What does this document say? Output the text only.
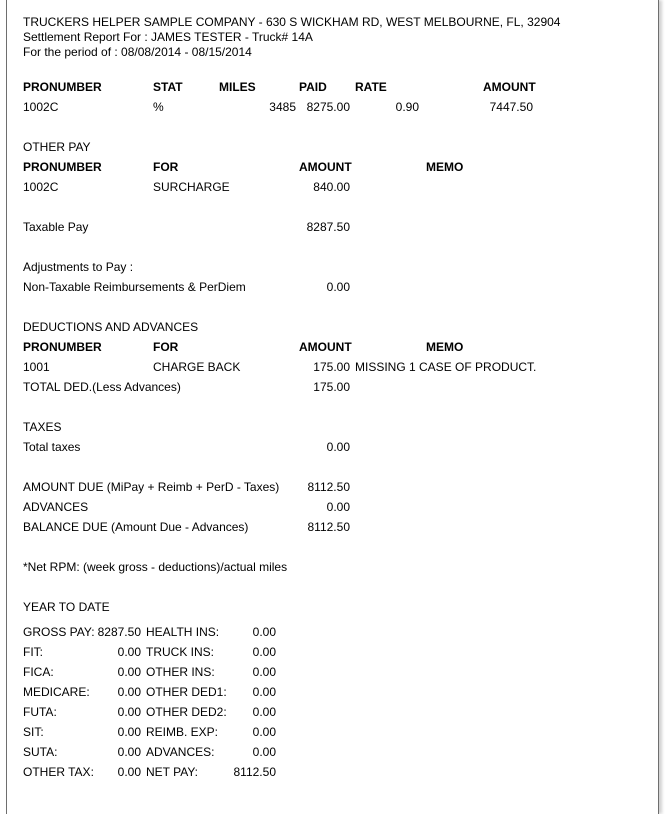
TRUCKERS HELPER SAMPLE COMPANY - 630 S WICKHAM RD, WEST MELBOURNE, FL, 32904
Settlement Report For : JAMES TESTER - Truck# 14A
For the period of : 08/08/2014 - 08/15/2014
PRONUMBER	STAT	MILES	PAID RATE	AMOUNT
1002C	%	3485 8275.00	0.90	7447.50
OTHER PAY
PRONUMBER	FOR	AMOUNT	MEMO
1002C	SURCHARGE	840.00
Taxable Pay	8287.50
Adjustments to Pay :
Non-Taxable Reimbursements & PerDiem	0.00
DEDUCTIONS AND ADVANCES
PRONUMBER	FOR	AMOUNT	MEMO
1001	CHARGE BACK	175.00 MISSING 1 CASE OF PRODUCT.
TOTAL DED.(Less Advances)	175.00
TAXES
Total taxes	0.00
AMOUNT DUE (MiPay + Reimb + PerD - Taxes)	8112.50
ADVANCES	0.00
BALANCE DUE (Amount Due - Advances)	8112.50
*Net RPM: (week gross - deductions)/actual miles
YEAR TO DATE
GROSS PAY: 8287.50 HEALTH INS:	0.00
FIT:	0.00 TRUCK INS:	0.00
FICA:	0.00 OTHER INS:	0.00
MEDICARE:	0.00 OTHER DED1:	0.00
FUTA:	0.00 OTHER DED2:	0.00
SIT:	0.00 REIMB. EXP:	0.00
SUTA:	0.00 ADVANCES:	0.00
OTHER TAX:	0.00 NET PAY:	8112.50
